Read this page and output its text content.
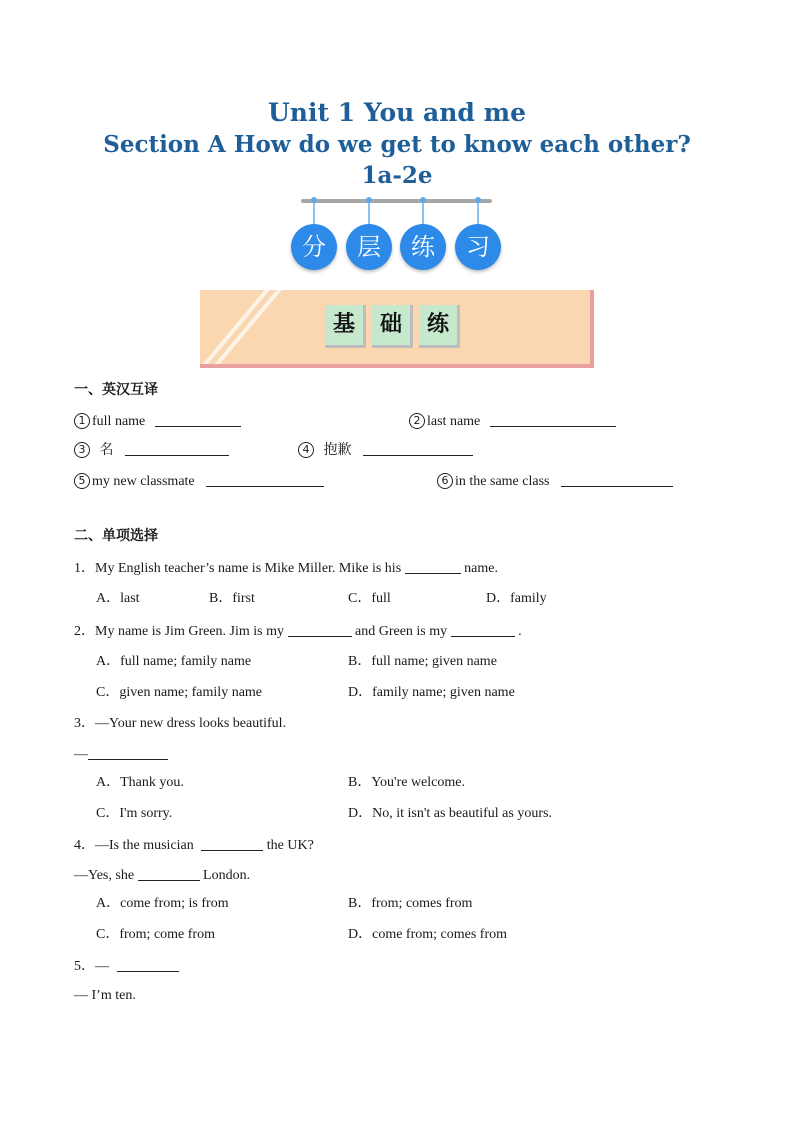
Unit 1 You and me
Section A How do we get to know each other?
1a-2e
分	层	练	习
基	础	练
一、英汉互译
1 full name	2 last name
3 名	4 抱歉
5 my new classmate	6 in the same class
二、单项选择
1．My English teacher’s name is Mike Miller. Mike is his	name.
A．last	B．first	C．full	D．family
2．My name is Jim Green. Jim is my	and Green is my	.
A．full name; family name	B．full name; given name
C．given name; family name	D．family name; given name
3．—Your new dress looks beautiful.
—
A．Thank you.	B．You're welcome.
C．I'm sorry.	D．No, it isn't as beautiful as yours.
4．—Is the musician	the UK?
—Yes, she	London.
A．come from; is from	B．from; comes from
C．from; come from	D．come from; comes from
5．—
— I’m ten.
